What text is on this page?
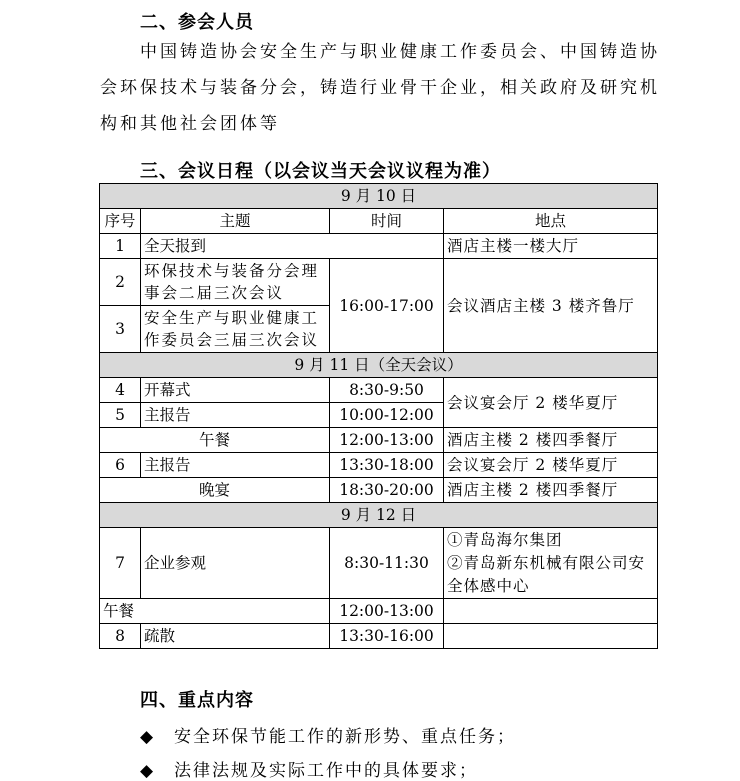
二、参会人员
中国铸造协会安全生产与职业健康工作委员会、中国铸造协
会环保技术与装备分会，铸造行业骨干企业，相关政府及研究机
构和其他社会团体等
三、会议日程（以会议当天会议议程为准）
9 月 10 日			
序号	主题	时间	地点
1	全天报到		酒店主楼一楼大厅
2	环保技术与装备分会理事会二届三次会议	16:00-17:00	会议酒店主楼 3 楼齐鲁厅
3	安全生产与职业健康工作委员会三届三次会议		
9 月 11 日（全天会议）			
4	开幕式	8:30-9:50	会议宴会厅 2 楼华夏厅
5	主报告	10:00-12:00	
午餐		12:00-13:00	酒店主楼 2 楼四季餐厅
6	主报告	13:30-18:00	会议宴会厅 2 楼华夏厅
晚宴		18:30-20:00	酒店主楼 2 楼四季餐厅
9 月 12 日			
7	企业参观	8:30-11:30	①青岛海尔集团
②青岛新东机械有限公司安
全体感中心

午餐		12:00-13:00	
8	疏散	13:30-16:00	
四、重点内容
◆ 安全环保节能工作的新形势、重点任务；
◆ 法律法规及实际工作中的具体要求；
